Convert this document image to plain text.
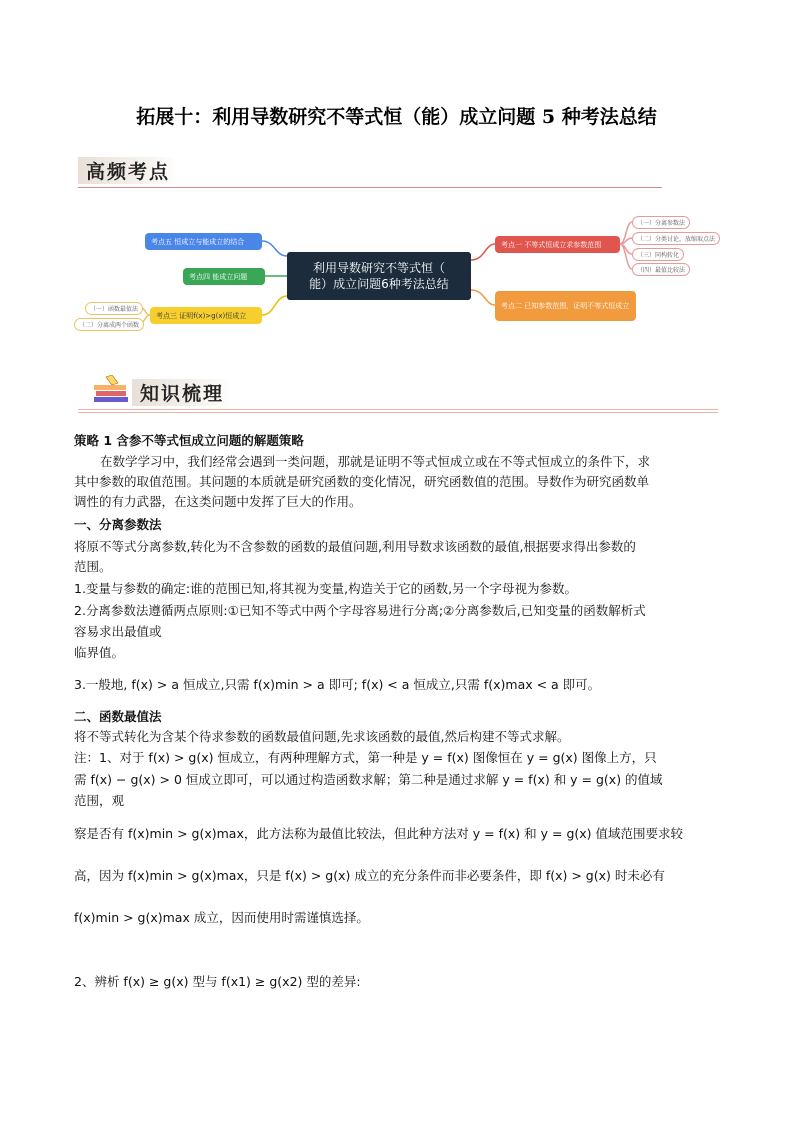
拓展十：利用导数研究不等式恒（能）成立问题 5 种考法总结
高频考点
利用导数研究不等式恒（
能）成立问题6种考法总结
考点一 不等式恒成立求参数范围
（一）分离参数法
（二）分类讨论，放缩取点法
（三）同构转化
（四）最值比较法
考点二 已知参数范围，证明不等式恒成立
考点三 证明f(x)>g(x)恒成立
（一）函数最值法
（二）分离成两个函数
考点四 能成立问题
考点五 恒成立与能成立的结合
知识梳理
策略 1 含参不等式恒成立问题的解题策略
在数学学习中，我们经常会遇到一类问题，那就是证明不等式恒成立或在不等式恒成立的条件下，求
其中参数的取值范围。其问题的本质就是研究函数的变化情况，研究函数值的范围。导数作为研究函数单
调性的有力武器，在这类问题中发挥了巨大的作用。
一、分离参数法
将原不等式分离参数,转化为不含参数的函数的最值问题,利用导数求该函数的最值,根据要求得出参数的
范围。
1.变量与参数的确定:谁的范围已知,将其视为变量,构造关于它的函数,另一个字母视为参数。
2.分离参数法遵循两点原则:①已知不等式中两个字母容易进行分离;②分离参数后,已知变量的函数解析式
容易求出最值或
临界值。
3.一般地, f(x) > a 恒成立,只需 f(x)min > a 即可; f(x) < a 恒成立,只需 f(x)max < a 即可。
二、函数最值法
将不等式转化为含某个待求参数的函数最值问题,先求该函数的最值,然后构建不等式求解。
注：1、对于 f(x) > g(x) 恒成立，有两种理解方式，第一种是 y = f(x) 图像恒在 y = g(x) 图像上方，只
需 f(x) − g(x) > 0 恒成立即可，可以通过构造函数求解；第二种是通过求解 y = f(x) 和 y = g(x) 的值域
范围，观
察是否有 f(x)min > g(x)max，此方法称为最值比较法，但此种方法对 y = f(x) 和 y = g(x) 值域范围要求较
高，因为 f(x)min > g(x)max，只是 f(x) > g(x) 成立的充分条件而非必要条件，即 f(x) > g(x) 时未必有
f(x)min > g(x)max 成立，因而使用时需谨慎选择。
2、辨析 f(x) ≥ g(x) 型与 f(x1) ≥ g(x2) 型的差异:
